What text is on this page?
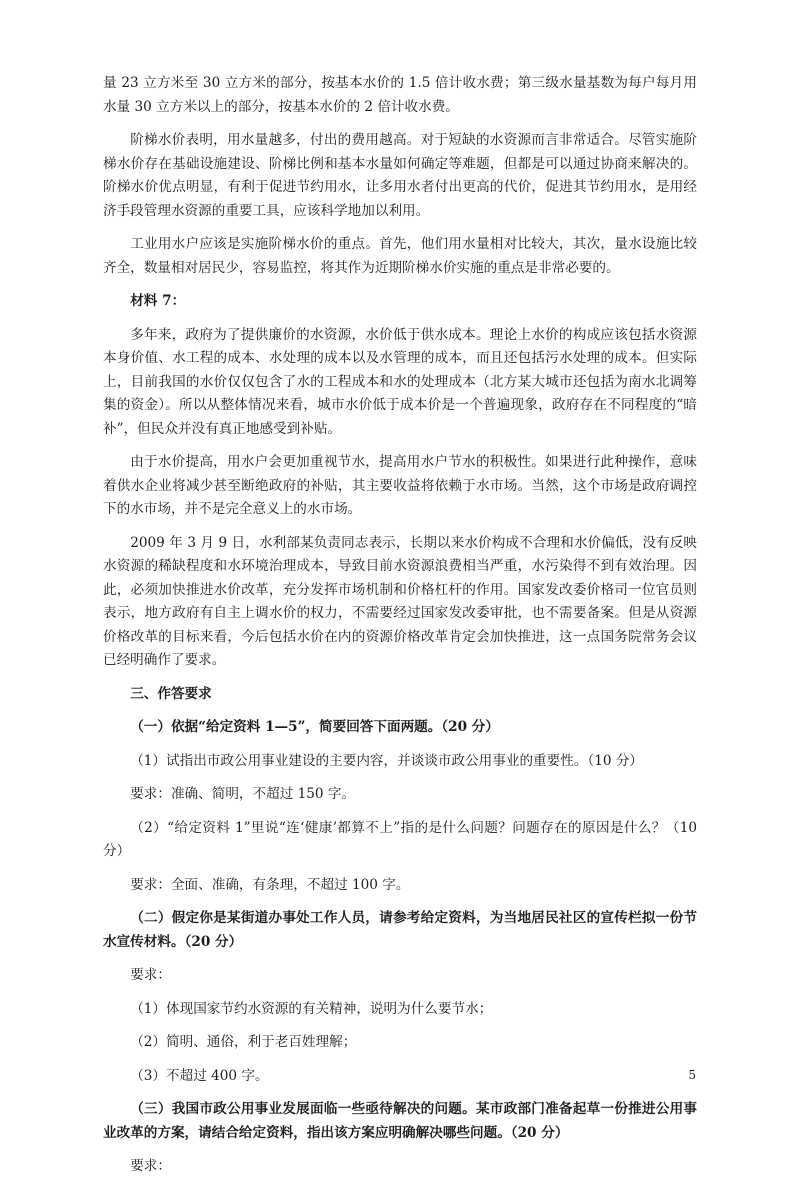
量 23 立方米至 30 立方米的部分，按基本水价的 1.5 倍计收水费；第三级水量基数为每户每月用水量 30 立方米以上的部分，按基本水价的 2 倍计收水费。

阶梯水价表明，用水量越多，付出的费用越高。对于短缺的水资源而言非常适合。尽管实施阶梯水价存在基础设施建设、阶梯比例和基本水量如何确定等难题，但都是可以通过协商来解决的。阶梯水价优点明显，有利于促进节约用水，让多用水者付出更高的代价，促进其节约用水，是用经济手段管理水资源的重要工具，应该科学地加以利用。

工业用水户应该是实施阶梯水价的重点。首先，他们用水量相对比较大，其次，量水设施比较齐全，数量相对居民少，容易监控，将其作为近期阶梯水价实施的重点是非常必要的。

材料 7：

多年来，政府为了提供廉价的水资源，水价低于供水成本。理论上水价的构成应该包括水资源本身价值、水工程的成本、水处理的成本以及水管理的成本，而且还包括污水处理的成本。但实际上，目前我国的水价仅仅包含了水的工程成本和水的处理成本（北方某大城市还包括为南水北调筹集的资金）。所以从整体情况来看，城市水价低于成本价是一个普遍现象，政府存在不同程度的“暗补”，但民众并没有真正地感受到补贴。

由于水价提高，用水户会更加重视节水，提高用水户节水的积极性。如果进行此种操作，意味着供水企业将减少甚至断绝政府的补贴，其主要收益将依赖于水市场。当然，这个市场是政府调控下的水市场，并不是完全意义上的水市场。

2009 年 3 月 9 日，水利部某负责同志表示，长期以来水价构成不合理和水价偏低，没有反映水资源的稀缺程度和水环境治理成本，导致目前水资源浪费相当严重，水污染得不到有效治理。因此，必须加快推进水价改革，充分发挥市场机制和价格杠杆的作用。国家发改委价格司一位官员则表示，地方政府有自主上调水价的权力，不需要经过国家发改委审批，也不需要备案。但是从资源价格改革的目标来看，今后包括水价在内的资源价格改革肯定会加快推进，这一点国务院常务会议已经明确作了要求。

三、作答要求

（一）依据“给定资料 1—5”，简要回答下面两题。（20 分）

（1）试指出市政公用事业建设的主要内容，并谈谈市政公用事业的重要性。（10 分）

要求：准确、简明，不超过 150 字。

（2）“给定资料 1”里说“连‘健康’都算不上”指的是什么问题？问题存在的原因是什么？（10 分）

要求：全面、准确，有条理，不超过 100 字。

（二）假定你是某街道办事处工作人员，请参考给定资料，为当地居民社区的宣传栏拟一份节水宣传材料。（20 分）

要求：

（1）体现国家节约水资源的有关精神，说明为什么要节水；

（2）简明、通俗，利于老百姓理解；

（3）不超过 400 字。

（三）我国市政公用事业发展面临一些亟待解决的问题。某市政部门准备起草一份推进公用事业改革的方案，请结合给定资料，指出该方案应明确解决哪些问题。（20 分）

要求：

5
